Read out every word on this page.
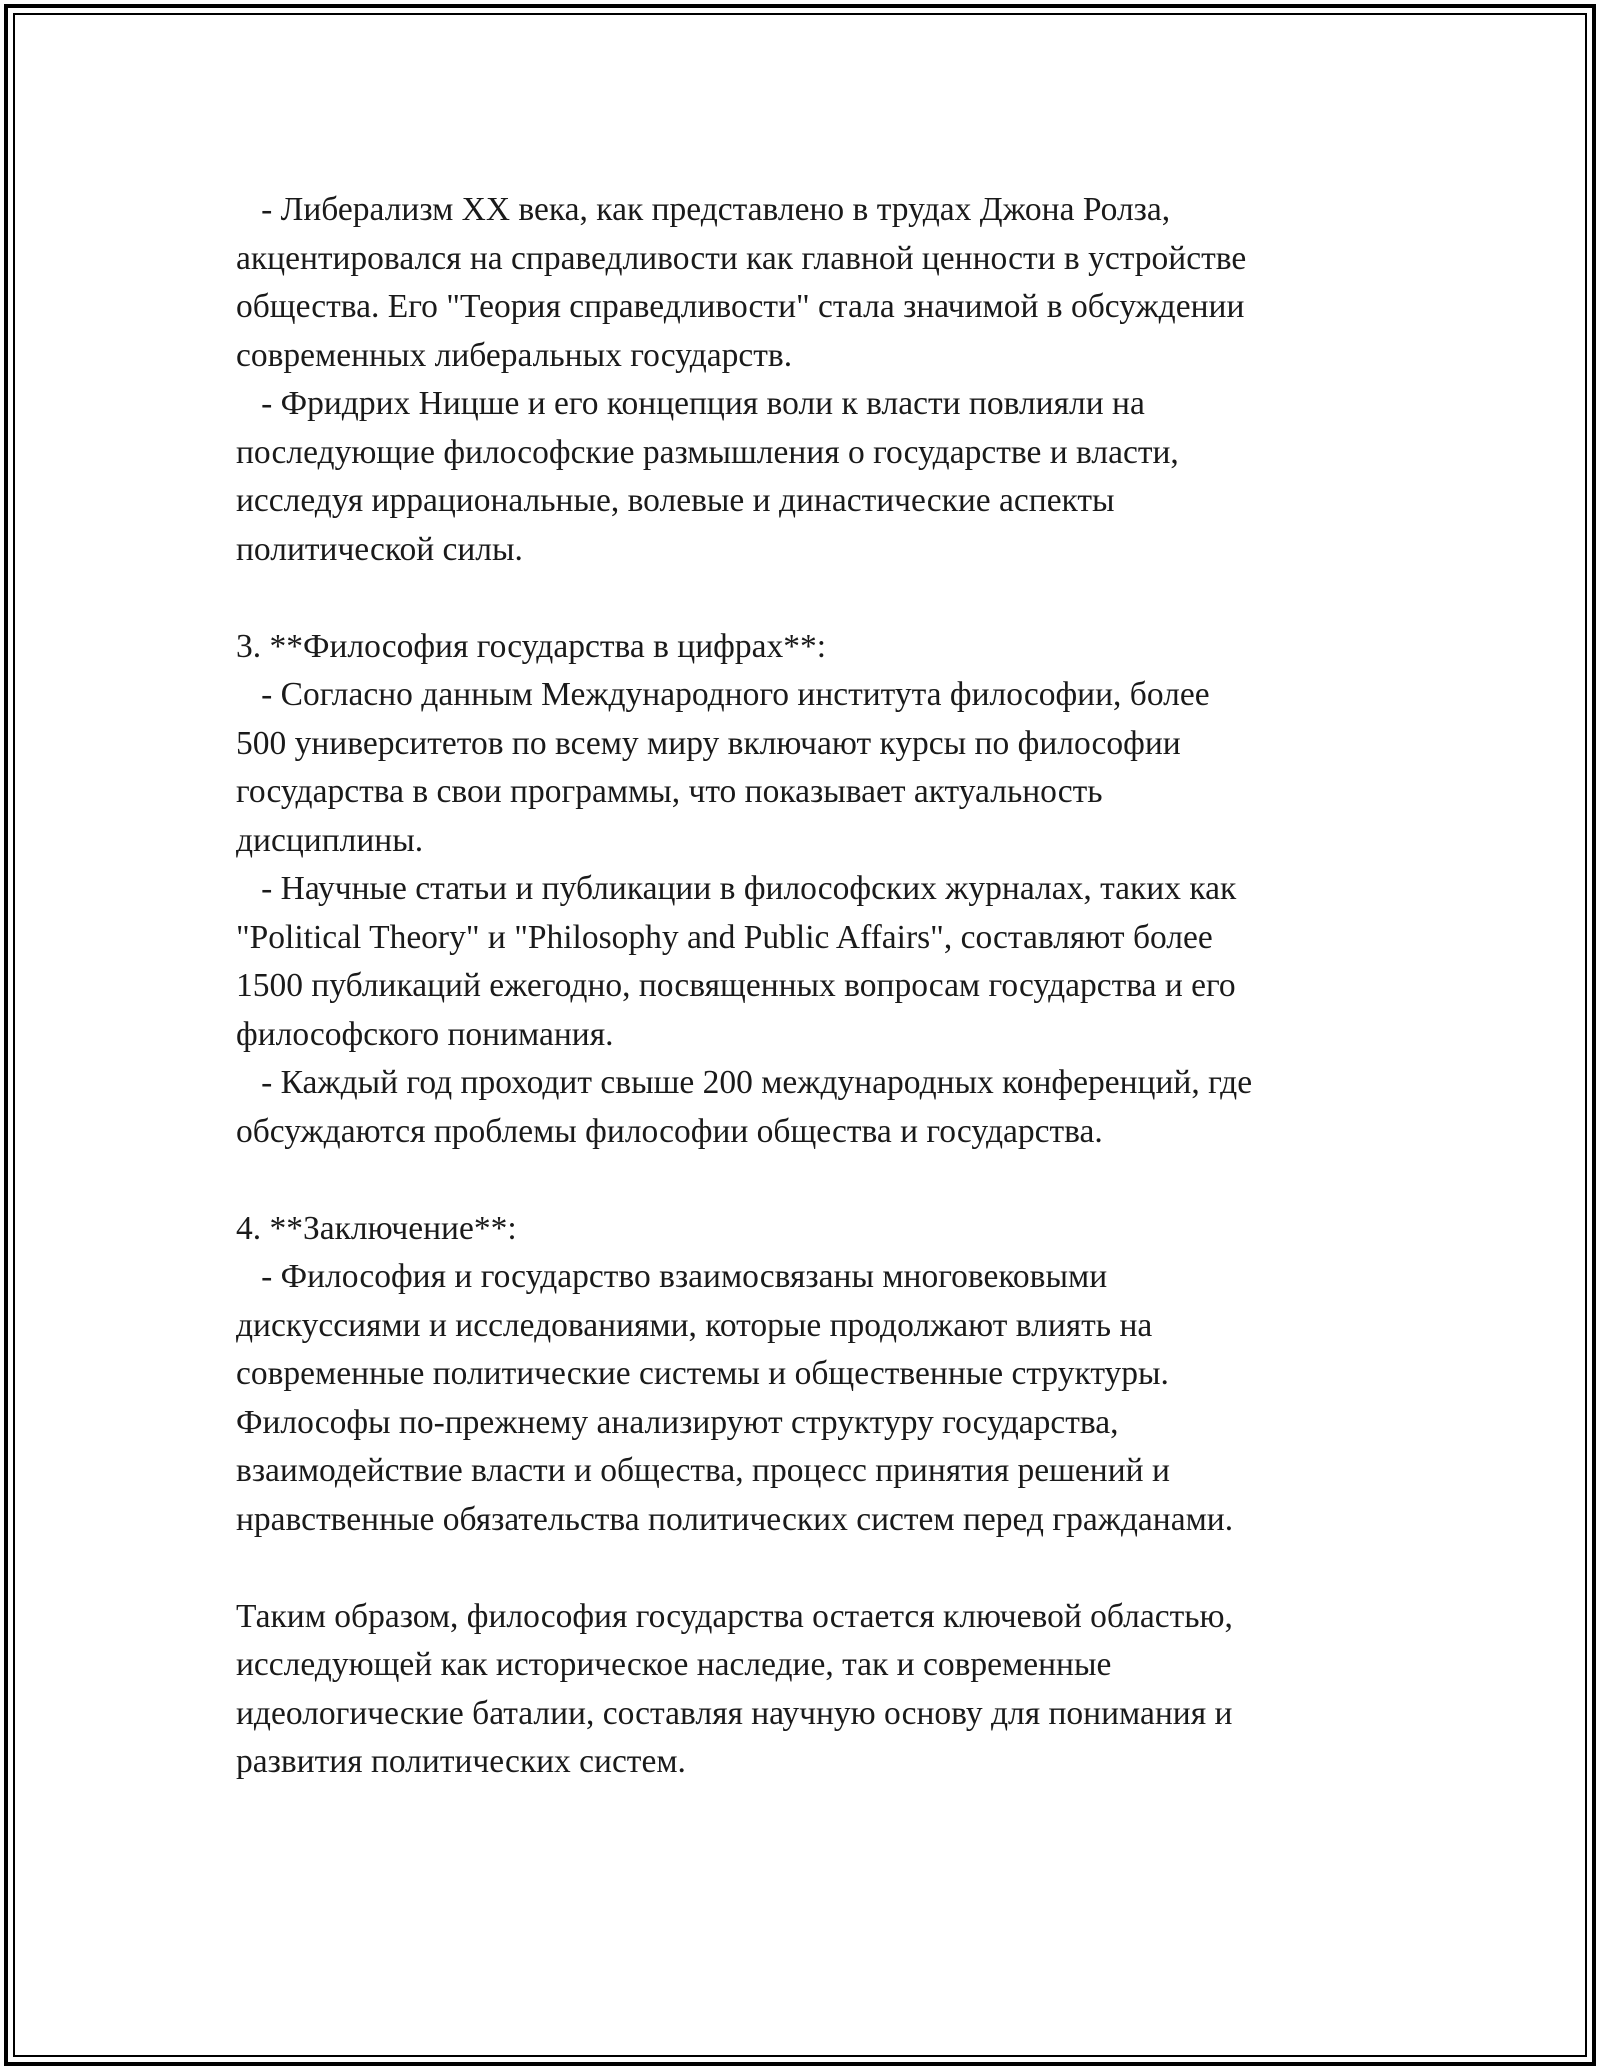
- Либерализм XX века, как представлено в трудах Джона Ролза,
акцентировался на справедливости как главной ценности в устройстве
общества. Его "Теория справедливости" стала значимой в обсуждении
современных либеральных государств.
- Фридрих Ницше и его концепция воли к власти повлияли на
последующие философские размышления о государстве и власти,
исследуя иррациональные, волевые и династические аспекты
политической силы.
3. **Философия государства в цифрах**:
- Согласно данным Международного института философии, более
500 университетов по всему миру включают курсы по философии
государства в свои программы, что показывает актуальность
дисциплины.
- Научные статьи и публикации в философских журналах, таких как
"Political Theory" и "Philosophy and Public Affairs", составляют более
1500 публикаций ежегодно, посвященных вопросам государства и его
философского понимания.
- Каждый год проходит свыше 200 международных конференций, где
обсуждаются проблемы философии общества и государства.
4. **Заключение**:
- Философия и государство взаимосвязаны многовековыми
дискуссиями и исследованиями, которые продолжают влиять на
современные политические системы и общественные структуры.
Философы по-прежнему анализируют структуру государства,
взаимодействие власти и общества, процесс принятия решений и
нравственные обязательства политических систем перед гражданами.
Таким образом, философия государства остается ключевой областью,
исследующей как историческое наследие, так и современные
идеологические баталии, составляя научную основу для понимания и
развития политических систем.
